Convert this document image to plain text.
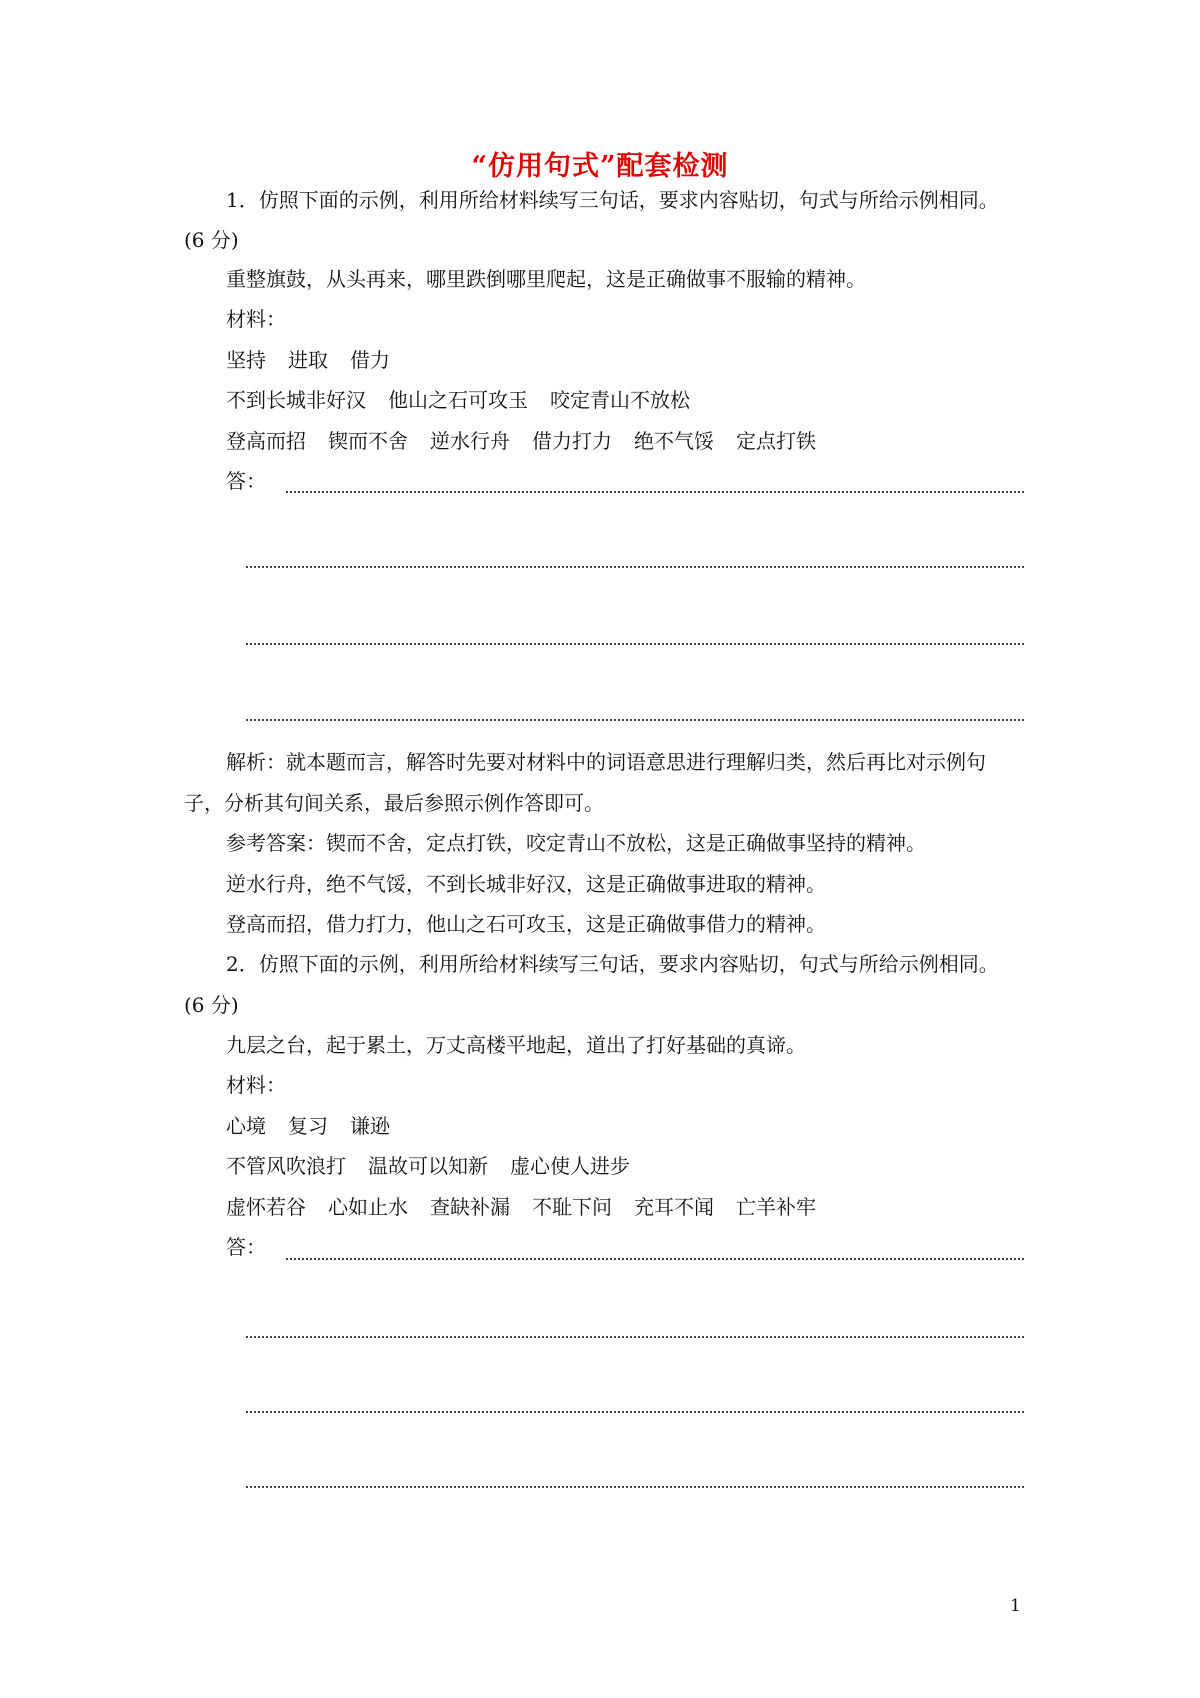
“仿用句式”配套检测
1．仿照下面的示例，利用所给材料续写三句话，要求内容贴切，句式与所给示例相同。
(6 分)
重整旗鼓，从头再来，哪里跌倒哪里爬起，这是正确做事不服输的精神。
材料：
坚持 进取 借力
不到长城非好汉 他山之石可攻玉 咬定青山不放松
登高而招 锲而不舍 逆水行舟 借力打力 绝不气馁 定点打铁
答：
解析：就本题而言，解答时先要对材料中的词语意思进行理解归类，然后再比对示例句
子，分析其句间关系，最后参照示例作答即可。
参考答案：锲而不舍，定点打铁，咬定青山不放松，这是正确做事坚持的精神。
逆水行舟，绝不气馁，不到长城非好汉，这是正确做事进取的精神。
登高而招，借力打力，他山之石可攻玉，这是正确做事借力的精神。
2．仿照下面的示例，利用所给材料续写三句话，要求内容贴切，句式与所给示例相同。
(6 分)
九层之台，起于累土，万丈高楼平地起，道出了打好基础的真谛。
材料：
心境 复习 谦逊
不管风吹浪打 温故可以知新 虚心使人进步
虚怀若谷 心如止水 查缺补漏 不耻下问 充耳不闻 亡羊补牢
答：
1
